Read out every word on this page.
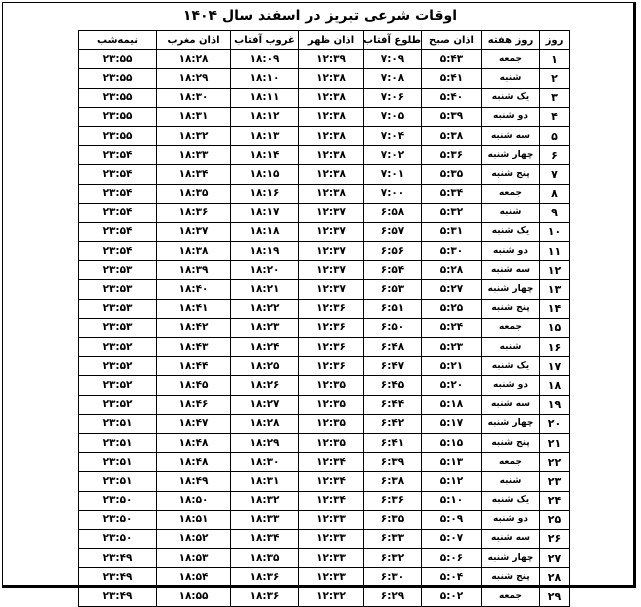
اوقات شرعی تبریز در اسفند سال ۱۴۰۴
روز	روز هفته	اذان صبح	طلوع آفتاب	اذان ظهر	غروب آفتاب	اذان مغرب	نیمه‌شب
۱	جمعه	۵:۴۳	۷:۰۹	۱۲:۳۹	۱۸:۰۹	۱۸:۲۸	۲۳:۵۵
۲	شنبه	۵:۴۱	۷:۰۸	۱۲:۳۸	۱۸:۱۰	۱۸:۲۹	۲۳:۵۵
۳	یک شنبه	۵:۴۰	۷:۰۶	۱۲:۳۸	۱۸:۱۱	۱۸:۳۰	۲۳:۵۵
۴	دو شنبه	۵:۳۹	۷:۰۵	۱۲:۳۸	۱۸:۱۲	۱۸:۳۱	۲۳:۵۵
۵	سه شنبه	۵:۳۸	۷:۰۴	۱۲:۳۸	۱۸:۱۳	۱۸:۳۲	۲۳:۵۵
۶	چهار شنبه	۵:۳۶	۷:۰۲	۱۲:۳۸	۱۸:۱۴	۱۸:۳۳	۲۳:۵۴
۷	پنج شنبه	۵:۳۵	۷:۰۱	۱۲:۳۸	۱۸:۱۵	۱۸:۳۴	۲۳:۵۴
۸	جمعه	۵:۳۴	۷:۰۰	۱۲:۳۸	۱۸:۱۶	۱۸:۳۵	۲۳:۵۴
۹	شنبه	۵:۳۲	۶:۵۸	۱۲:۳۷	۱۸:۱۷	۱۸:۳۶	۲۳:۵۴
۱۰	یک شنبه	۵:۳۱	۶:۵۷	۱۲:۳۷	۱۸:۱۸	۱۸:۳۷	۲۳:۵۴
۱۱	دو شنبه	۵:۳۰	۶:۵۶	۱۲:۳۷	۱۸:۱۹	۱۸:۳۸	۲۳:۵۴
۱۲	سه شنبه	۵:۲۸	۶:۵۴	۱۲:۳۷	۱۸:۲۰	۱۸:۳۹	۲۳:۵۳
۱۳	چهار شنبه	۵:۲۷	۶:۵۳	۱۲:۳۷	۱۸:۲۱	۱۸:۴۰	۲۳:۵۳
۱۴	پنج شنبه	۵:۲۵	۶:۵۱	۱۲:۳۶	۱۸:۲۲	۱۸:۴۱	۲۳:۵۳
۱۵	جمعه	۵:۲۴	۶:۵۰	۱۲:۳۶	۱۸:۲۳	۱۸:۴۲	۲۳:۵۳
۱۶	شنبه	۵:۲۳	۶:۴۸	۱۲:۳۶	۱۸:۲۴	۱۸:۴۳	۲۳:۵۲
۱۷	یک شنبه	۵:۲۱	۶:۴۷	۱۲:۳۶	۱۸:۲۵	۱۸:۴۴	۲۳:۵۲
۱۸	دو شنبه	۵:۲۰	۶:۴۵	۱۲:۳۵	۱۸:۲۶	۱۸:۴۵	۲۳:۵۲
۱۹	سه شنبه	۵:۱۸	۶:۴۴	۱۲:۳۵	۱۸:۲۷	۱۸:۴۶	۲۳:۵۲
۲۰	چهار شنبه	۵:۱۷	۶:۴۲	۱۲:۳۵	۱۸:۲۸	۱۸:۴۷	۲۳:۵۱
۲۱	پنج شنبه	۵:۱۵	۶:۴۱	۱۲:۳۵	۱۸:۲۹	۱۸:۴۸	۲۳:۵۱
۲۲	جمعه	۵:۱۳	۶:۳۹	۱۲:۳۴	۱۸:۳۰	۱۸:۴۸	۲۳:۵۱
۲۳	شنبه	۵:۱۲	۶:۳۸	۱۲:۳۴	۱۸:۳۱	۱۸:۴۹	۲۳:۵۱
۲۴	یک شنبه	۵:۱۰	۶:۳۶	۱۲:۳۴	۱۸:۳۲	۱۸:۵۰	۲۳:۵۰
۲۵	دو شنبه	۵:۰۹	۶:۳۵	۱۲:۳۳	۱۸:۳۳	۱۸:۵۱	۲۳:۵۰
۲۶	سه شنبه	۵:۰۷	۶:۳۳	۱۲:۳۳	۱۸:۳۴	۱۸:۵۲	۲۳:۵۰
۲۷	چهار شنبه	۵:۰۶	۶:۳۲	۱۲:۳۳	۱۸:۳۵	۱۸:۵۳	۲۳:۴۹
۲۸	پنج شنبه	۵:۰۴	۶:۳۰	۱۲:۳۳	۱۸:۳۶	۱۸:۵۴	۲۳:۴۹
۲۹	جمعه	۵:۰۲	۶:۲۹	۱۲:۳۲	۱۸:۳۶	۱۸:۵۵	۲۳:۴۹
